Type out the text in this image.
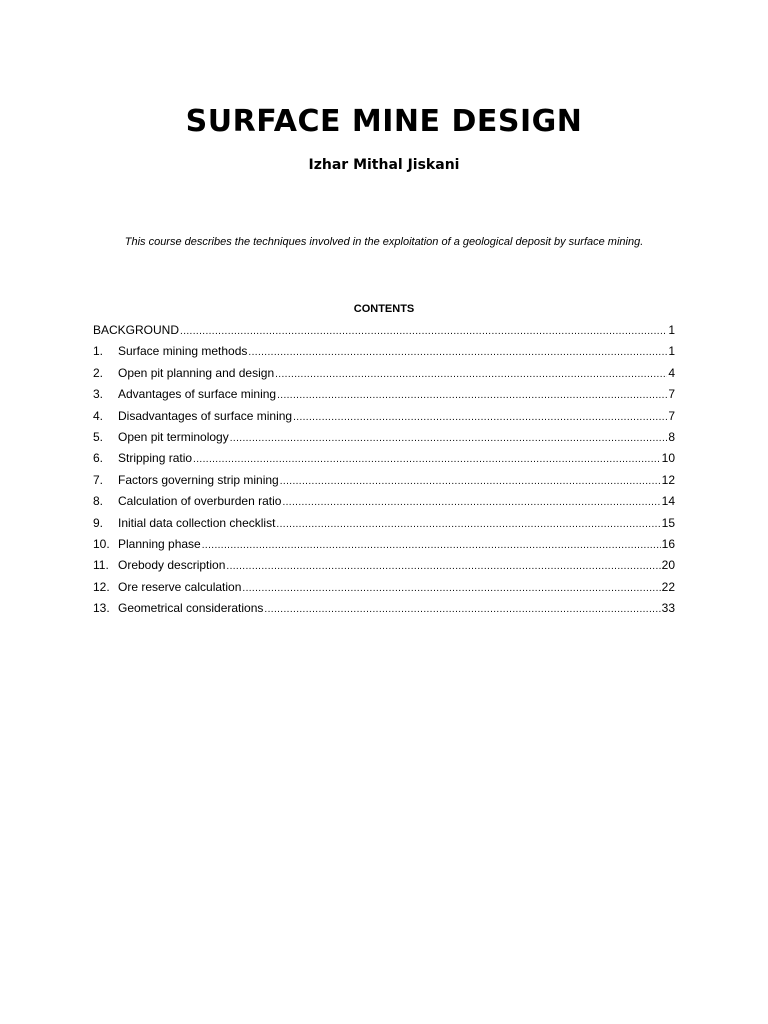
SURFACE MINE DESIGN

Izhar Mithal Jiskani

This course describes the techniques involved in the exploitation of a geological deposit by surface mining.

CONTENTS

BACKGROUND .....	1
1.	Surface mining methods .....	1
2.	Open pit planning and design .....	4
3.	Advantages of surface mining .....	7
4.	Disadvantages of surface mining .....	7
5.	Open pit terminology .....	8
6.	Stripping ratio .....	10
7.	Factors governing strip mining .....	12
8.	Calculation of overburden ratio .....	14
9.	Initial data collection checklist .....	15
10. Planning phase .....	16
11. Orebody description .....	20
12. Ore reserve calculation .....	22
13. Geometrical considerations .....	33
